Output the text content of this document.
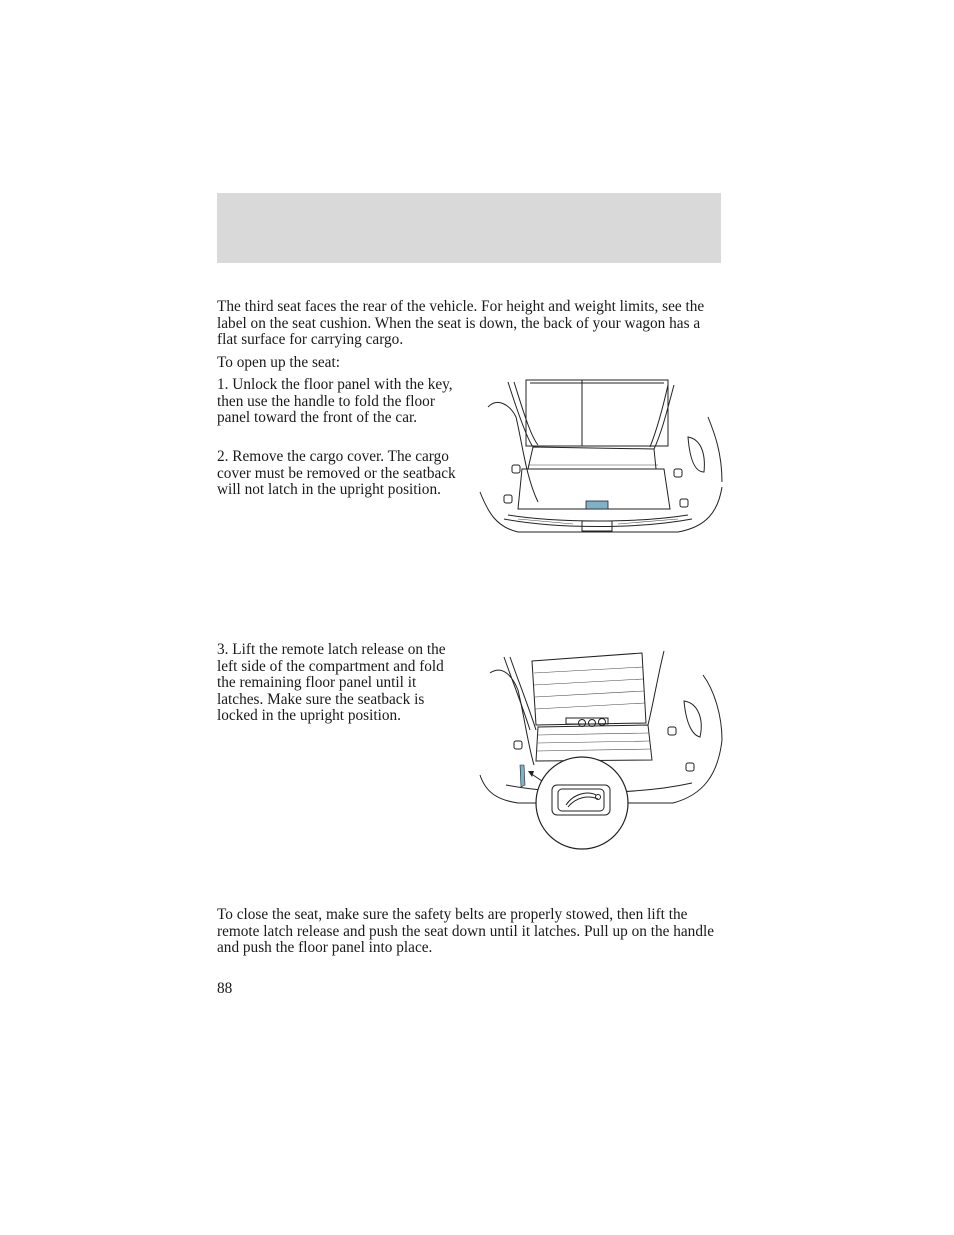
The third seat faces the rear of the vehicle. For height and weight limits, see the label on the seat cushion. When the seat is down, the back of your wagon has a flat surface for carrying cargo.

To open up the seat:

1. Unlock the floor panel with the key, then use the handle to fold the floor panel toward the front of the car.

2. Remove the cargo cover. The cargo cover must be removed or the seatback will not latch in the upright position.

3. Lift the remote latch release on the left side of the compartment and fold the remaining floor panel until it latches. Make sure the seatback is locked in the upright position.

To close the seat, make sure the safety belts are properly stowed, then lift the remote latch release and push the seat down until it latches. Pull up on the handle and push the floor panel into place.

88
